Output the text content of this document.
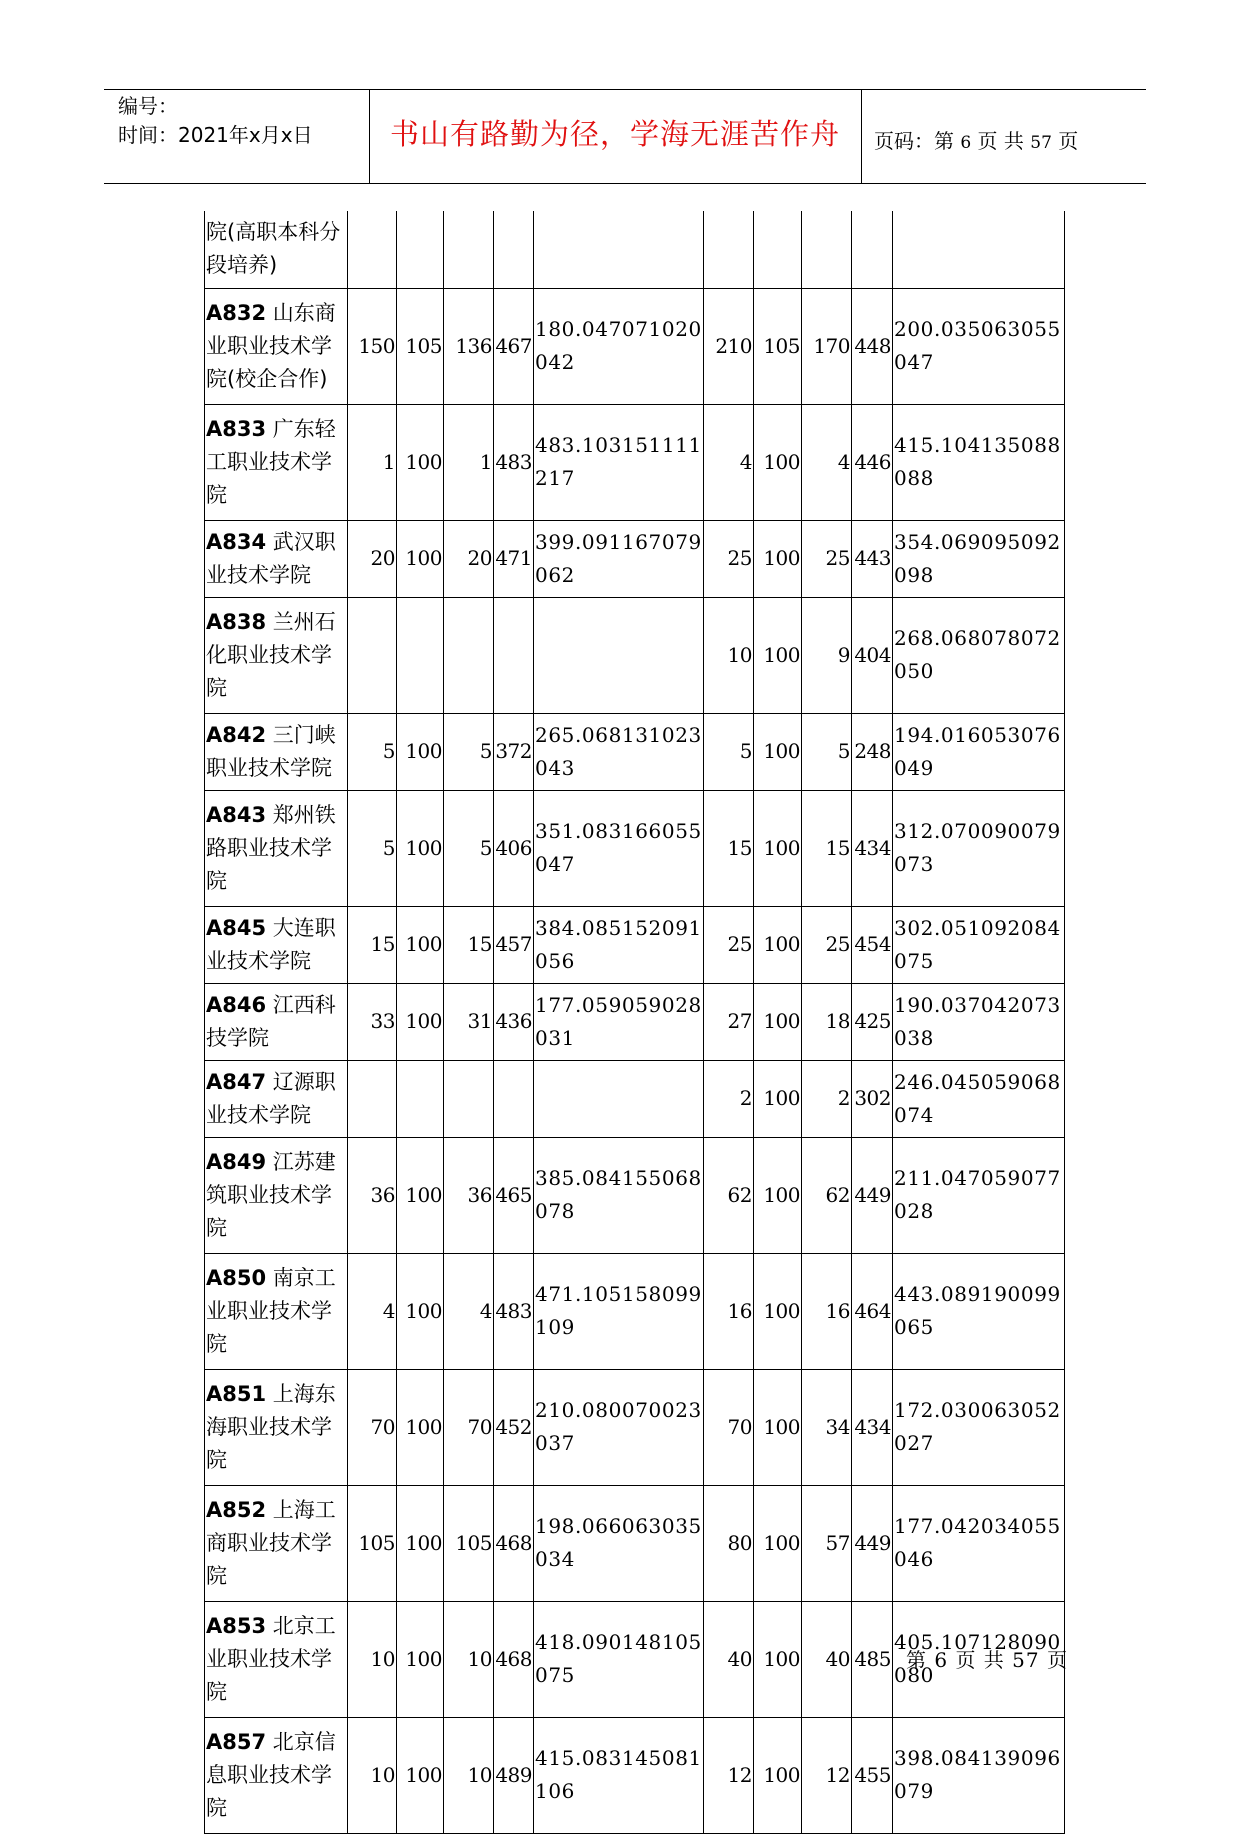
编号：
时间：2021年x月x日	书山有路勤为径，学海无涯苦作舟	页码：第 6 页 共 57 页
院(高职本科分段培养)										
A832 山东商业职业技术学院(校企合作)	150	105	136	467	180.047071020042	210	105	170	448	200.035063055047
A833 广东轻工职业技术学院	1	100	1	483	483.103151111217	4	100	4	446	415.104135088088
A834 武汉职业技术学院	20	100	20	471	399.091167079062	25	100	25	443	354.069095092098
A838 兰州石化职业技术学院						10	100	9	404	268.068078072050
A842 三门峡职业技术学院	5	100	5	372	265.068131023043	5	100	5	248	194.016053076049
A843 郑州铁路职业技术学院	5	100	5	406	351.083166055047	15	100	15	434	312.070090079073
A845 大连职业技术学院	15	100	15	457	384.085152091056	25	100	25	454	302.051092084075
A846 江西科技学院	33	100	31	436	177.059059028031	27	100	18	425	190.037042073038
A847 辽源职业技术学院						2	100	2	302	246.045059068074
A849 江苏建筑职业技术学院	36	100	36	465	385.084155068078	62	100	62	449	211.047059077028
A850 南京工业职业技术学院	4	100	4	483	471.105158099109	16	100	16	464	443.089190099065
A851 上海东海职业技术学院	70	100	70	452	210.080070023037	70	100	34	434	172.030063052027
A852 上海工商职业技术学院	105	100	105	468	198.066063035034	80	100	57	449	177.042034055046
A853 北京工业职业技术学院	10	100	10	468	418.090148105075	40	100	40	485	405.107128090080
A857 北京信息职业技术学院	10	100	10	489	415.083145081106	12	100	12	455	398.084139096079
第 6 页 共 57 页
